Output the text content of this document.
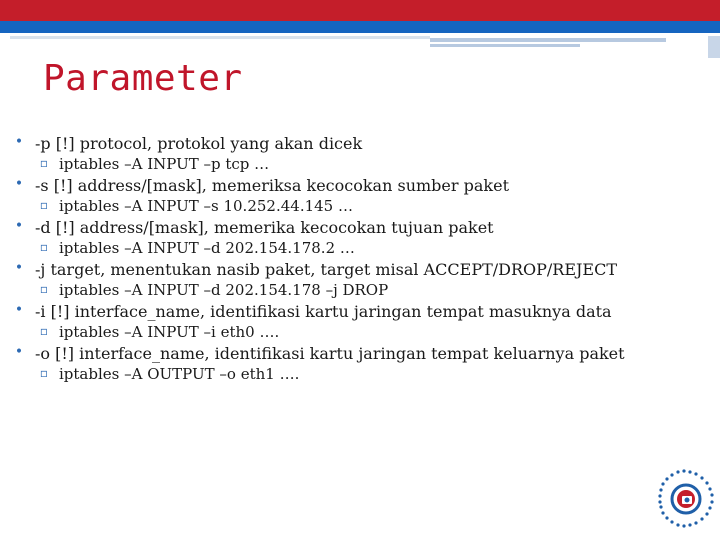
Parameter
• -p [!] protocol, protokol yang akan dicek
▫ iptables –A INPUT –p tcp …
• -s [!] address/[mask], memeriksa kecocokan sumber paket
▫ iptables –A INPUT –s 10.252.44.145 …
• -d [!] address/[mask], memerika kecocokan tujuan paket
▫ iptables –A INPUT –d 202.154.178.2 …
• -j target, menentukan nasib paket, target misal ACCEPT/DROP/REJECT
▫ iptables –A INPUT –d 202.154.178 –j DROP
• -i [!] interface_name, identifikasi kartu jaringan tempat masuknya data
▫ iptables –A INPUT –i eth0 ….
• -o [!] interface_name, identifikasi kartu jaringan tempat keluarnya paket
▫ iptables –A OUTPUT –o eth1 ….
